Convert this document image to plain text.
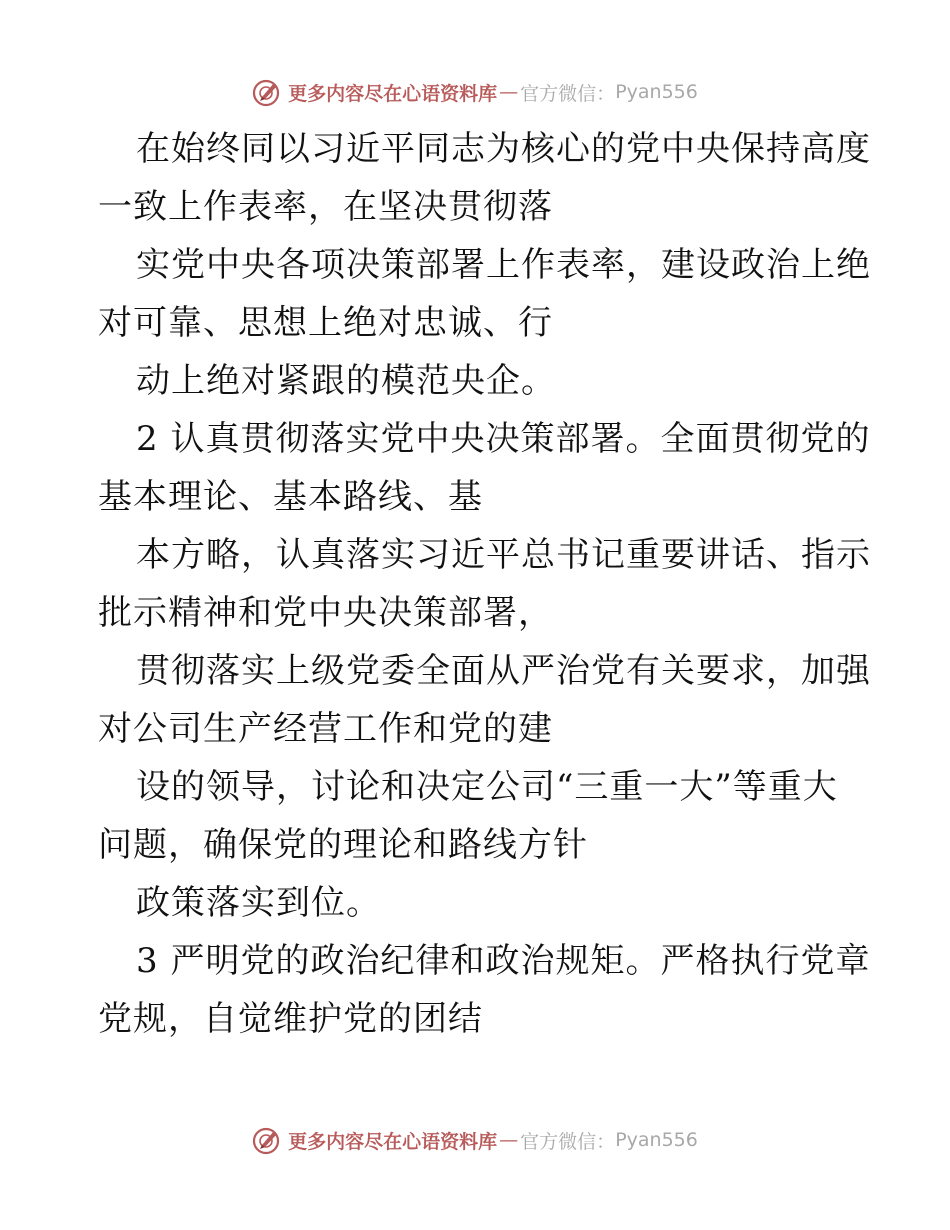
更多内容尽在心语资料库 — 官方微信： Pyan556
在始终同以习近平同志为核心的党中央保持高度
一致上作表率，在坚决贯彻落
实党中央各项决策部署上作表率，建设政治上绝
对可靠、思想上绝对忠诚、行
动上绝对紧跟的模范央企。
2 认真贯彻落实党中央决策部署。全面贯彻党的
基本理论、基本路线、基
本方略，认真落实习近平总书记重要讲话、指示
批示精神和党中央决策部署，
贯彻落实上级党委全面从严治党有关要求，加强
对公司生产经营工作和党的建
设的领导，讨论和决定公司“三重一大”等重大
问题，确保党的理论和路线方针
政策落实到位。
3 严明党的政治纪律和政治规矩。严格执行党章
党规，自觉维护党的团结
更多内容尽在心语资料库 — 官方微信： Pyan556
